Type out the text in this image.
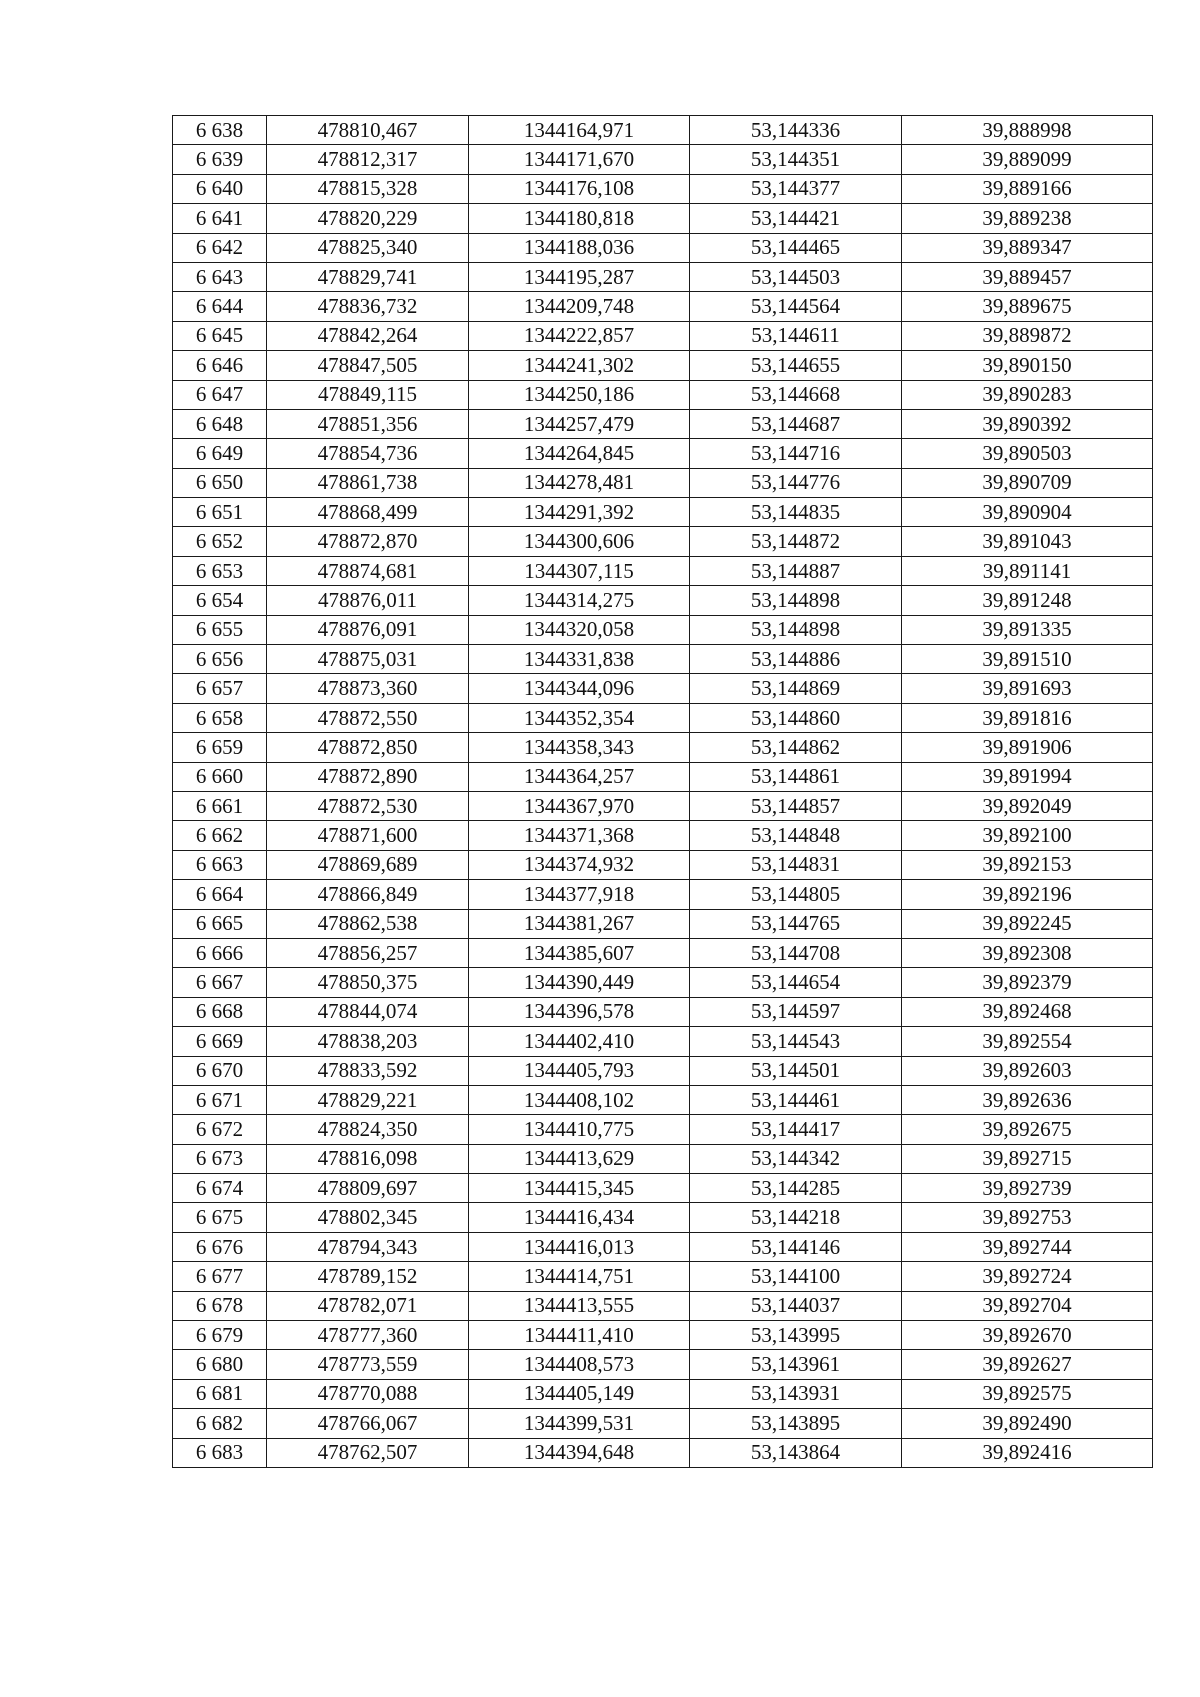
6 638	478810,467	1344164,971	53,144336	39,888998
6 639	478812,317	1344171,670	53,144351	39,889099
6 640	478815,328	1344176,108	53,144377	39,889166
6 641	478820,229	1344180,818	53,144421	39,889238
6 642	478825,340	1344188,036	53,144465	39,889347
6 643	478829,741	1344195,287	53,144503	39,889457
6 644	478836,732	1344209,748	53,144564	39,889675
6 645	478842,264	1344222,857	53,144611	39,889872
6 646	478847,505	1344241,302	53,144655	39,890150
6 647	478849,115	1344250,186	53,144668	39,890283
6 648	478851,356	1344257,479	53,144687	39,890392
6 649	478854,736	1344264,845	53,144716	39,890503
6 650	478861,738	1344278,481	53,144776	39,890709
6 651	478868,499	1344291,392	53,144835	39,890904
6 652	478872,870	1344300,606	53,144872	39,891043
6 653	478874,681	1344307,115	53,144887	39,891141
6 654	478876,011	1344314,275	53,144898	39,891248
6 655	478876,091	1344320,058	53,144898	39,891335
6 656	478875,031	1344331,838	53,144886	39,891510
6 657	478873,360	1344344,096	53,144869	39,891693
6 658	478872,550	1344352,354	53,144860	39,891816
6 659	478872,850	1344358,343	53,144862	39,891906
6 660	478872,890	1344364,257	53,144861	39,891994
6 661	478872,530	1344367,970	53,144857	39,892049
6 662	478871,600	1344371,368	53,144848	39,892100
6 663	478869,689	1344374,932	53,144831	39,892153
6 664	478866,849	1344377,918	53,144805	39,892196
6 665	478862,538	1344381,267	53,144765	39,892245
6 666	478856,257	1344385,607	53,144708	39,892308
6 667	478850,375	1344390,449	53,144654	39,892379
6 668	478844,074	1344396,578	53,144597	39,892468
6 669	478838,203	1344402,410	53,144543	39,892554
6 670	478833,592	1344405,793	53,144501	39,892603
6 671	478829,221	1344408,102	53,144461	39,892636
6 672	478824,350	1344410,775	53,144417	39,892675
6 673	478816,098	1344413,629	53,144342	39,892715
6 674	478809,697	1344415,345	53,144285	39,892739
6 675	478802,345	1344416,434	53,144218	39,892753
6 676	478794,343	1344416,013	53,144146	39,892744
6 677	478789,152	1344414,751	53,144100	39,892724
6 678	478782,071	1344413,555	53,144037	39,892704
6 679	478777,360	1344411,410	53,143995	39,892670
6 680	478773,559	1344408,573	53,143961	39,892627
6 681	478770,088	1344405,149	53,143931	39,892575
6 682	478766,067	1344399,531	53,143895	39,892490
6 683	478762,507	1344394,648	53,143864	39,892416
